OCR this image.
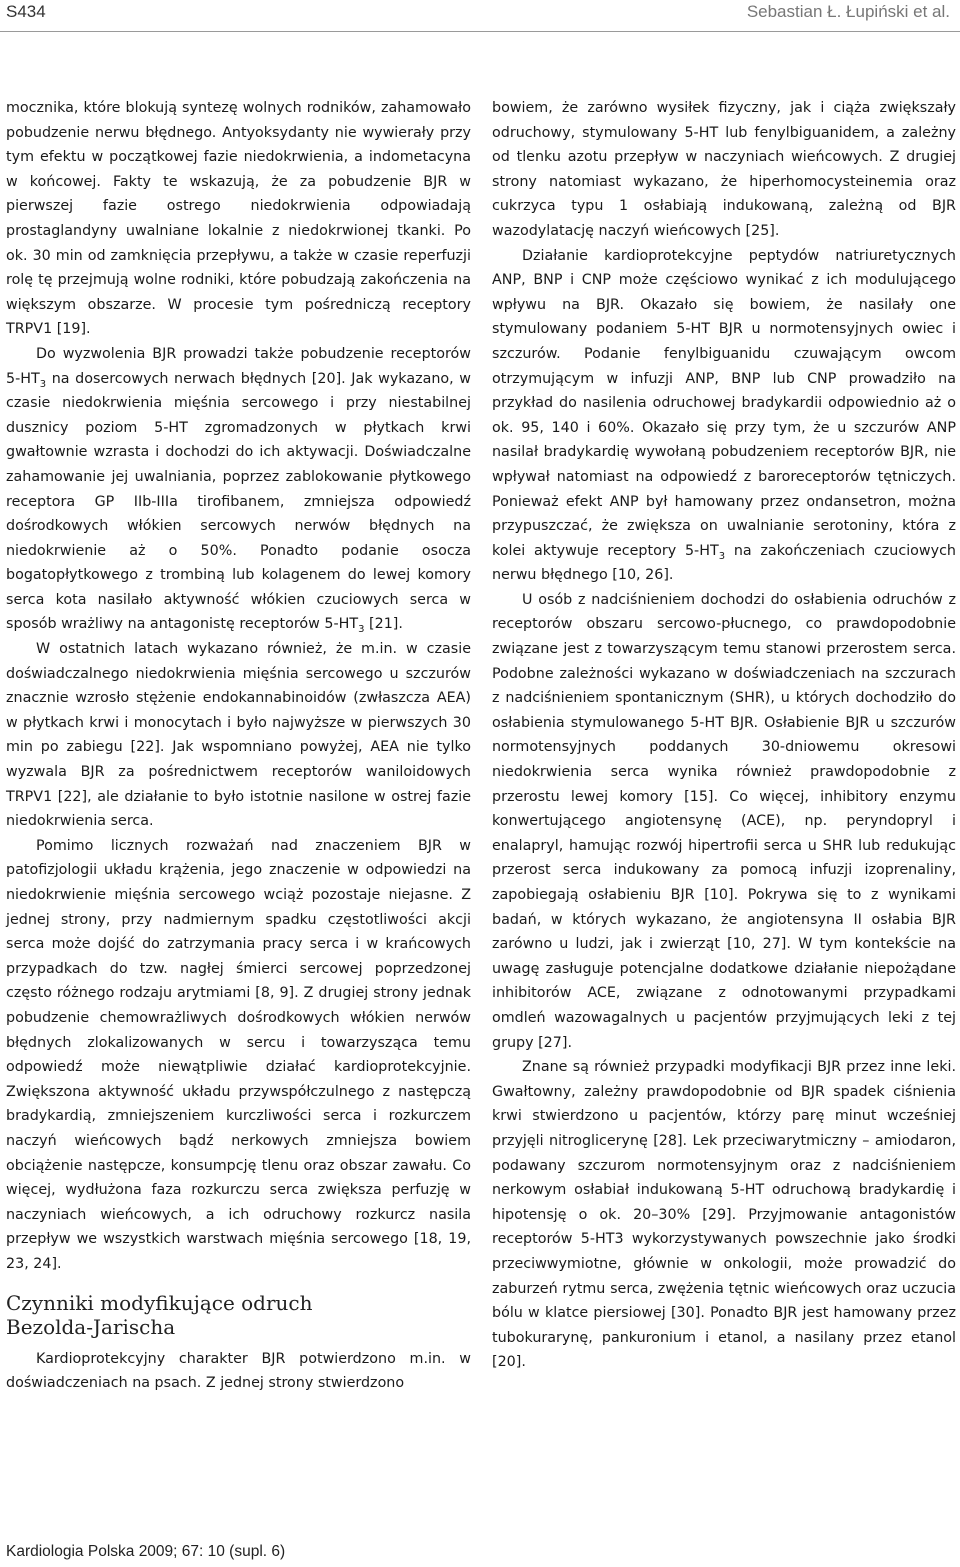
S434	Sebastian Ł. Łupiński et al.

mocznika, które blokują syntezę wolnych rodników, zahamowało pobudzenie nerwu błędnego. Antyoksydanty nie wywierały przy tym efektu w początkowej fazie niedokrwienia, a indometacyna w końcowej. Fakty te wskazują, że za pobudzenie BJR w pierwszej fazie ostrego niedokrwienia odpowiadają prostaglandyny uwalniane lokalnie z niedokrwionej tkanki. Po ok. 30 min od zamknięcia przepływu, a także w czasie reperfuzji rolę tę przejmują wolne rodniki, które pobudzają zakończenia na większym obszarze. W procesie tym pośredniczą receptory TRPV1 [19].

Do wyzwolenia BJR prowadzi także pobudzenie receptorów $5-HT_3$ na dosercowych nerwach błędnych [20]. Jak wykazano, w czasie niedokrwienia mięśnia sercowego i przy niestabilnej dusznicy poziom 5-HT zgromadzonych w płytkach krwi gwałtownie wzrasta i dochodzi do ich aktywacji. Doświadczalne zahamowanie jej uwalniania, poprzez zablokowanie płytkowego receptora GP IIb-IIIa tirofibanem, zmniejsza odpowiedź dośrodkowych włókien sercowych nerwów błędnych na niedokrwienie aż o 50%. Ponadto podanie osocza bogatopłytkowego z trombiną lub kolagenem do lewej komory serca kota nasilało aktywność włókien czuciowych serca w sposób wrażliwy na antagonistę receptorów $5-HT_3$ [21].

W ostatnich latach wykazano również, że m.in. w czasie doświadczalnego niedokrwienia mięśnia sercowego u szczurów znacznie wzrosło stężenie endokannabinoidów (zwłaszcza AEA) w płytkach krwi i monocytach i było najwyższe w pierwszych 30 min po zabiegu [22]. Jak wspomniano powyżej, AEA nie tylko wyzwala BJR za pośrednictwem receptorów waniloidowych TRPV1 [22], ale działanie to było istotnie nasilone w ostrej fazie niedokrwienia serca.

Pomimo licznych rozważań nad znaczeniem BJR w patofizjologii układu krążenia, jego znaczenie w odpowiedzi na niedokrwienie mięśnia sercowego wciąż pozostaje niejasne. Z jednej strony, przy nadmiernym spadku częstotliwości akcji serca może dojść do zatrzymania pracy serca i w krańcowych przypadkach do tzw. nagłej śmierci sercowej poprzedzonej często różnego rodzaju arytmiami [8, 9]. Z drugiej strony jednak pobudzenie chemowrażliwych dośrodkowych włókien nerwów błędnych zlokalizowanych w sercu i towarzysząca temu odpowiedź może niewątpliwie działać kardioprotekcyjnie. Zwiększona aktywność układu przywspółczulnego z następczą bradykardią, zmniejszeniem kurczliwości serca i rozkurczem naczyń wieńcowych bądź nerkowych zmniejsza bowiem obciążenie następcze, konsumpcję tlenu oraz obszar zawału. Co więcej, wydłużona faza rozkurczu serca zwiększa perfuzję w naczyniach wieńcowych, a ich odruchowy rozkurcz nasila przepływ we wszystkich warstwach mięśnia sercowego [18, 19, 23, 24].

Czynniki modyfikujące odruch
Bezolda-Jarischa

Kardioprotekcyjny charakter BJR potwierdzono m.in. w doświadczeniach na psach. Z jednej strony stwierdzono

bowiem, że zarówno wysiłek fizyczny, jak i ciąża zwiększały odruchowy, stymulowany 5-HT lub fenylbiguanidem, a zależny od tlenku azotu przepływ w naczyniach wieńcowych. Z drugiej strony natomiast wykazano, że hiperhomocysteinemia oraz cukrzyca typu 1 osłabiają indukowaną, zależną od BJR wazodylatację naczyń wieńcowych [25].

Działanie kardioprotekcyjne peptydów natriuretycznych ANP, BNP i CNP może częściowo wynikać z ich modulującego wpływu na BJR. Okazało się bowiem, że nasilały one stymulowany podaniem 5-HT BJR u normotensyjnych owiec i szczurów. Podanie fenylbiguanidu czuwającym owcom otrzymującym w infuzji ANP, BNP lub CNP prowadziło na przykład do nasilenia odruchowej bradykardii odpowiednio aż o ok. 95, 140 i 60%. Okazało się przy tym, że u szczurów ANP nasilał bradykardię wywołaną pobudzeniem receptorów BJR, nie wpływał natomiast na odpowiedź z baroreceptorów tętniczych. Ponieważ efekt ANP był hamowany przez ondansetron, można przypuszczać, że zwiększa on uwalnianie serotoniny, która z kolei aktywuje receptory $5-HT_3$ na zakończeniach czuciowych nerwu błędnego [10, 26].

U osób z nadciśnieniem dochodzi do osłabienia odruchów z receptorów obszaru sercowo-płucnego, co prawdopodobnie związane jest z towarzyszącym temu stanowi przerostem serca. Podobne zależności wykazano w doświadczeniach na szczurach z nadciśnieniem spontanicznym (SHR), u których dochodziło do osłabienia stymulowanego 5-HT BJR. Osłabienie BJR u szczurów normotensyjnych poddanych 30-dniowemu okresowi niedokrwienia serca wynika również prawdopodobnie z przerostu lewej komory [15]. Co więcej, inhibitory enzymu konwertującego angiotensynę (ACE), np. peryndopryl i enalapryl, hamując rozwój hipertrofii serca u SHR lub redukując przerost serca indukowany za pomocą infuzji izoprenaliny, zapobiegają osłabieniu BJR [10]. Pokrywa się to z wynikami badań, w których wykazano, że angiotensyna II osłabia BJR zarówno u ludzi, jak i zwierząt [10, 27]. W tym kontekście na uwagę zasługuje potencjalne dodatkowe działanie niepożądane inhibitorów ACE, związane z odnotowanymi przypadkami omdleń wazowagalnych u pacjentów przyjmujących leki z tej grupy [27].

Znane są również przypadki modyfikacji BJR przez inne leki. Gwałtowny, zależny prawdopodobnie od BJR spadek ciśnienia krwi stwierdzono u pacjentów, którzy parę minut wcześniej przyjęli nitroglicerynę [28]. Lek przeciwarytmiczny – amiodaron, podawany szczurom normotensyjnym oraz z nadciśnieniem nerkowym osłabiał indukowaną 5-HT odruchową bradykardię i hipotensję o ok. 20–30% [29]. Przyjmowanie antagonistów receptorów 5-HT3 wykorzystywanych powszechnie jako środki przeciwwymiotne, głównie w onkologii, może prowadzić do zaburzeń rytmu serca, zwężenia tętnic wieńcowych oraz uczucia bólu w klatce piersiowej [30]. Ponadto BJR jest hamowany przez tubokurarynę, pankuronium i etanol, a nasilany przez etanol [20].

Kardiologia Polska 2009; 67: 10 (supl. 6)
